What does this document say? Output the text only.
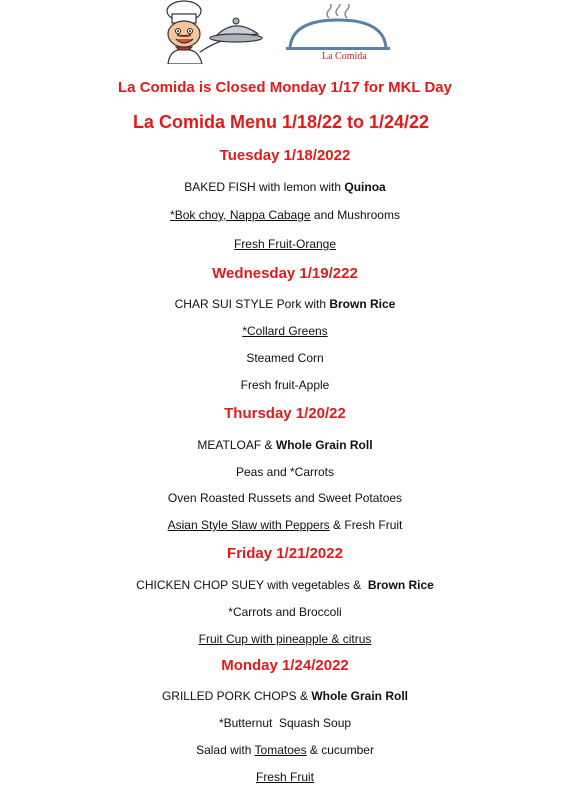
La Comida
La Comida is Closed Monday 1/17 for MKL Day
La Comida Menu 1/18/22 to 1/24/22
Tuesday 1/18/2022
BAKED FISH with lemon with Quinoa
*Bok choy, Nappa Cabage and Mushrooms
Fresh Fruit-Orange
Wednesday 1/19/222
CHAR SUI STYLE Pork with Brown Rice
*Collard Greens
Steamed Corn
Fresh fruit-Apple
Thursday 1/20/22
MEATLOAF & Whole Grain Roll
Peas and *Carrots
Oven Roasted Russets and Sweet Potatoes
Asian Style Slaw with Peppers & Fresh Fruit
Friday 1/21/2022
CHICKEN CHOP SUEY with vegetables &  Brown Rice
*Carrots and Broccoli
Fruit Cup with pineapple & citrus
Monday 1/24/2022
GRILLED PORK CHOPS & Whole Grain Roll
*Butternut  Squash Soup
Salad with Tomatoes & cucumber
Fresh Fruit
